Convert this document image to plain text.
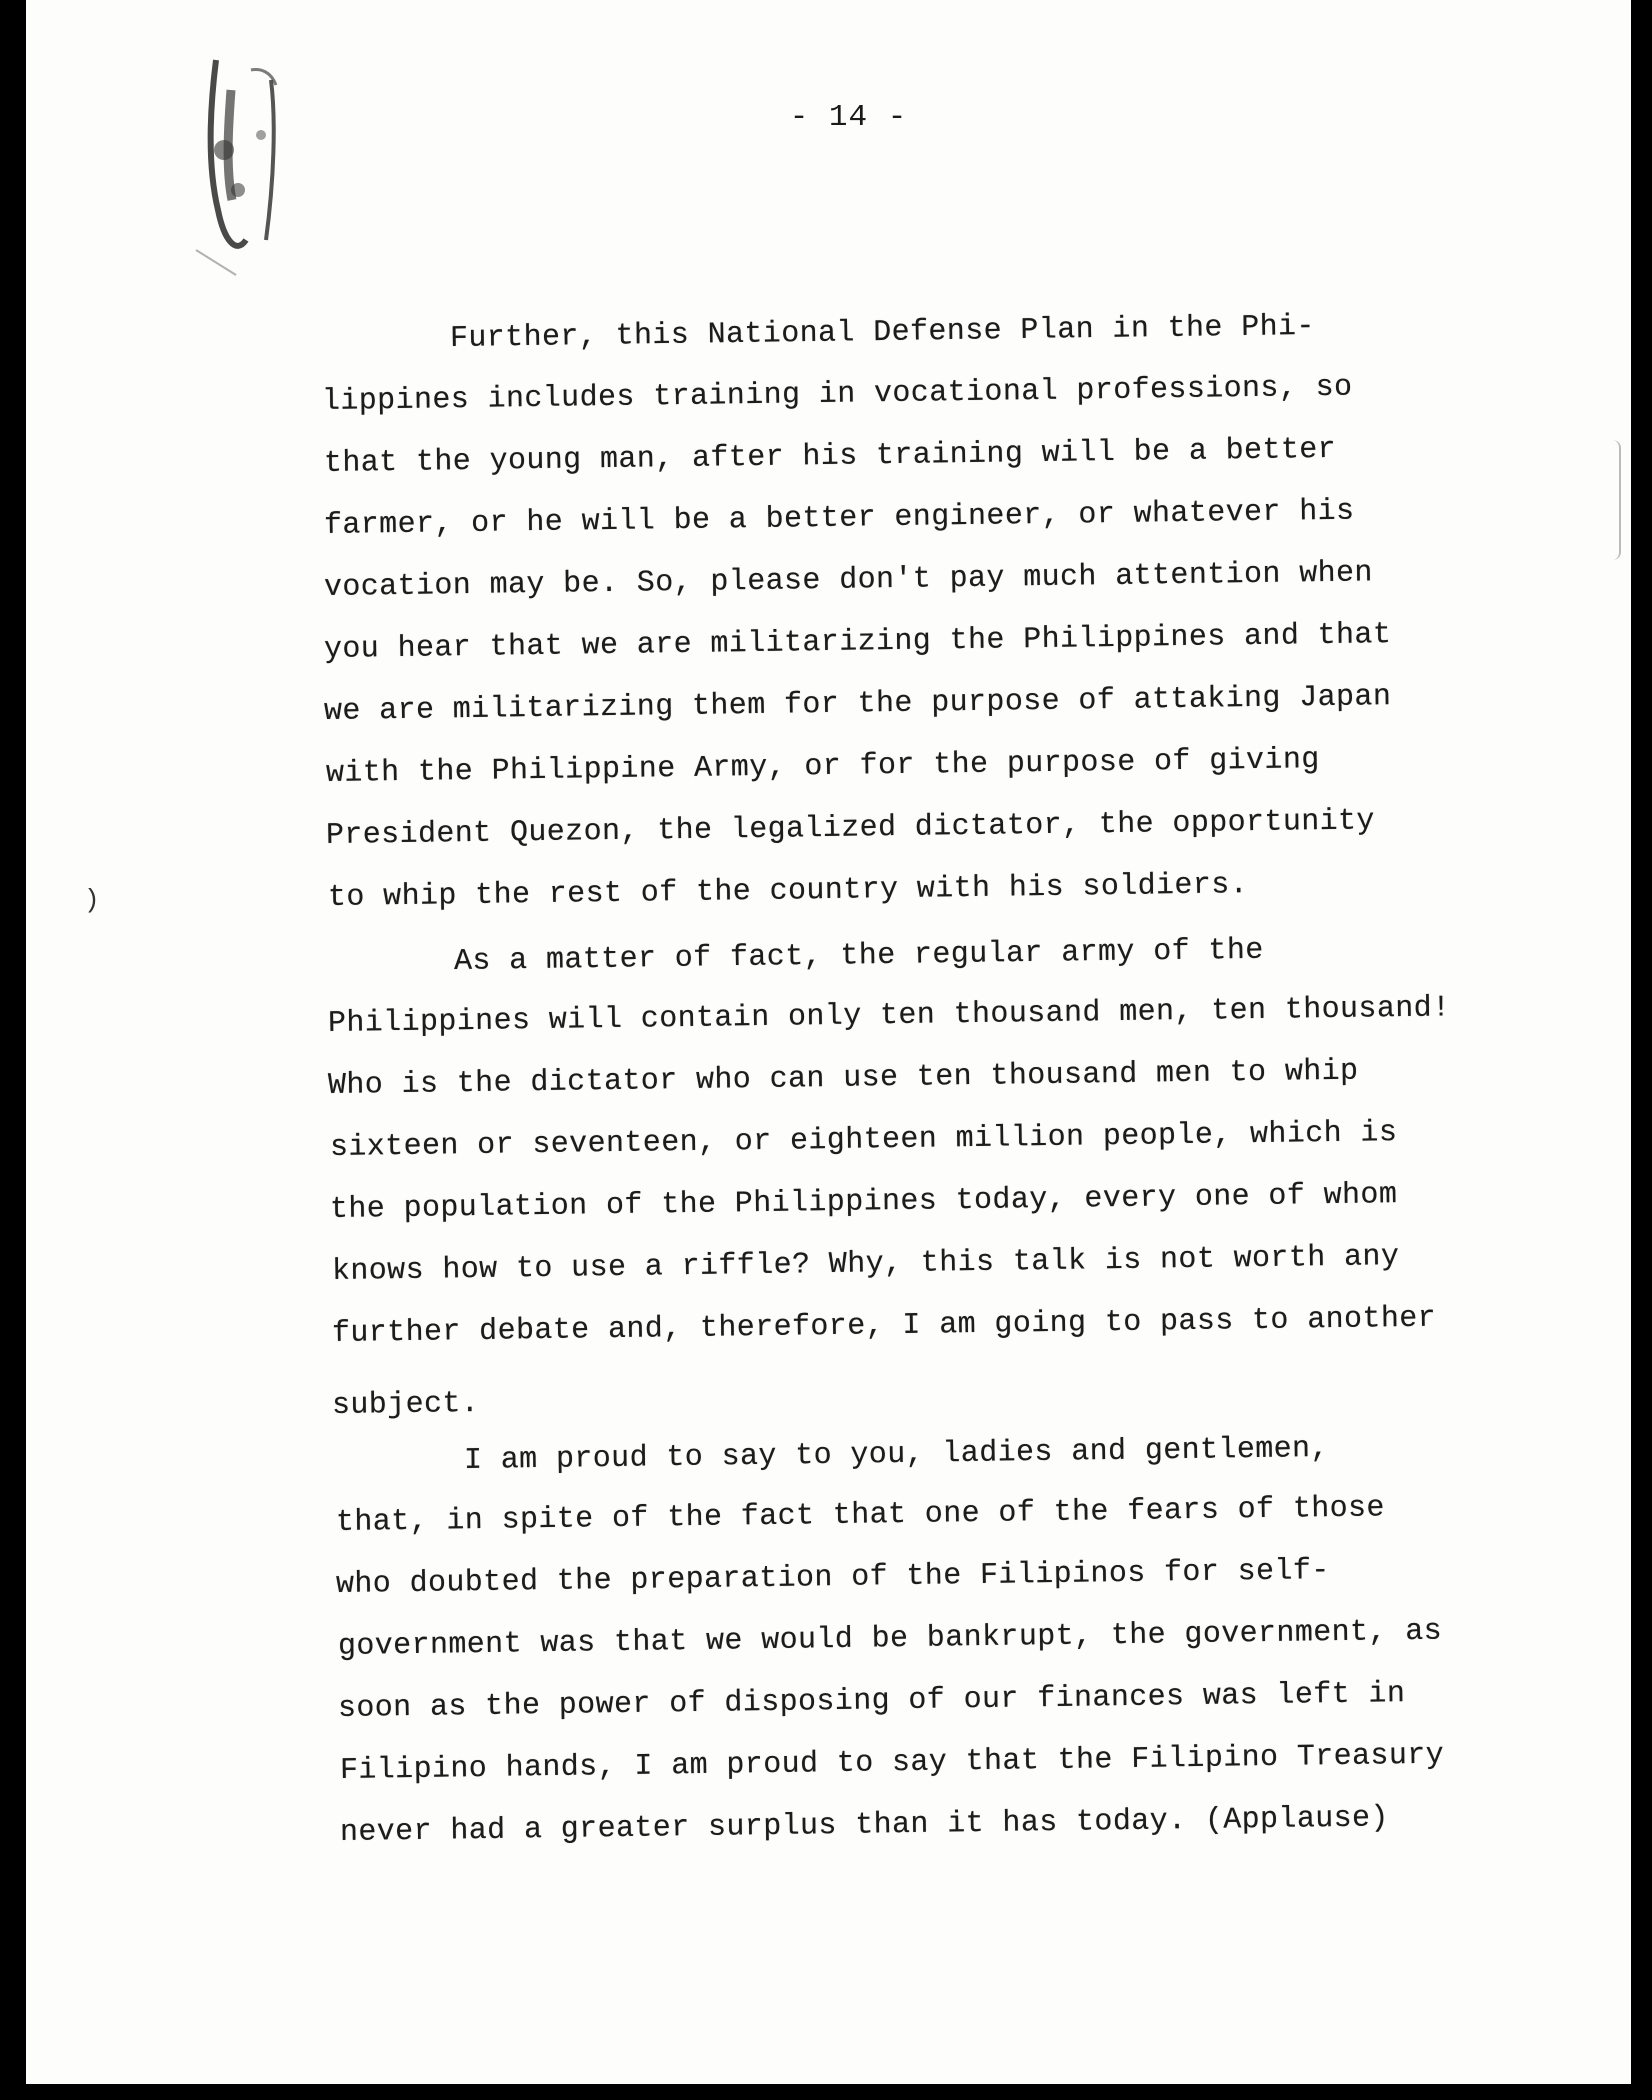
- 14 -
)
Further, this National Defense Plan in the Phi-
lippines includes training in vocational professions, so
that the young man, after his training will be a better
farmer, or he will be a better engineer, or whatever his
vocation may be. So, please don't pay much attention when
you hear that we are militarizing the Philippines and that
we are militarizing them for the purpose of attaking Japan
with the Philippine Army, or for the purpose of giving
President Quezon, the legalized dictator, the opportunity
to whip the rest of the country with his soldiers.
As a matter of fact, the regular army of the
Philippines will contain only ten thousand men, ten thousand!
Who is the dictator who can use ten thousand men to whip
sixteen or seventeen, or eighteen million people, which is
the population of the Philippines today, every one of whom
knows how to use a riffle? Why, this talk is not worth any
further debate and, therefore, I am going to pass to another
subject.
I am proud to say to you, ladies and gentlemen,
that, in spite of the fact that one of the fears of those
who doubted the preparation of the Filipinos for self-
government was that we would be bankrupt, the government, as
soon as the power of disposing of our finances was left in
Filipino hands, I am proud to say that the Filipino Treasury
never had a greater surplus than it has today. (Applause)
